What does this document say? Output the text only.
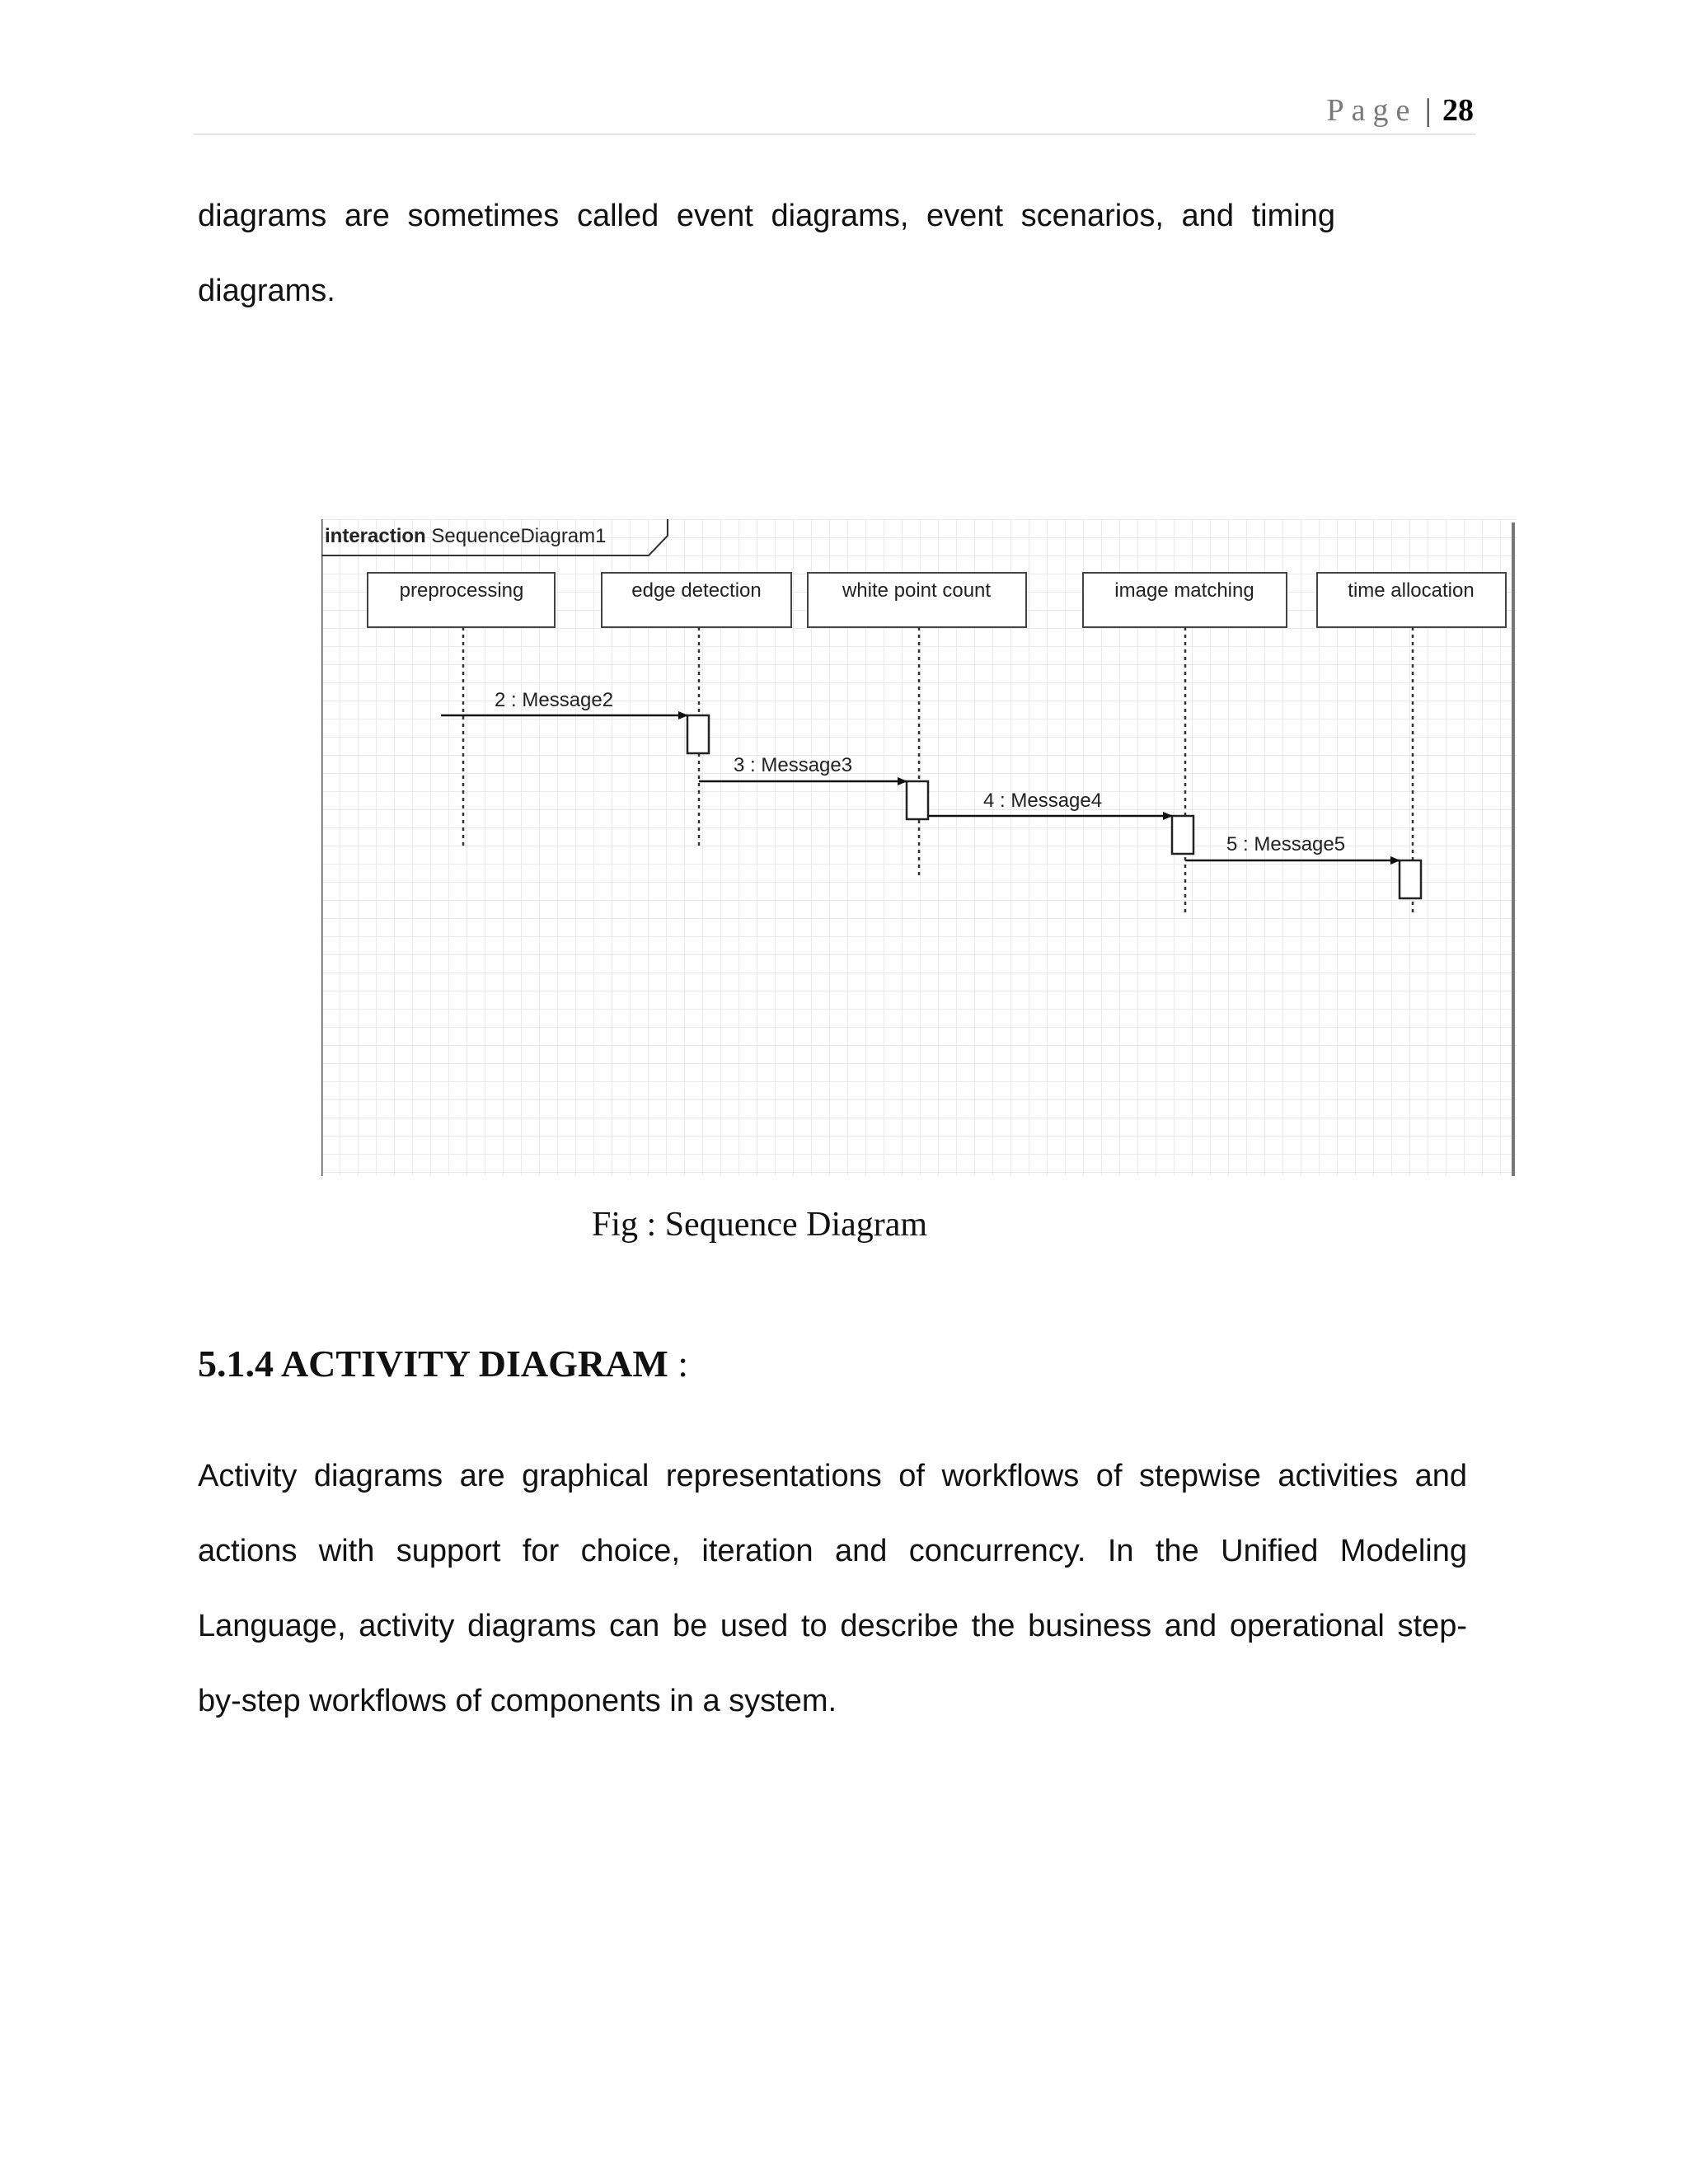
Page | 28

diagrams are sometimes called event diagrams, event scenarios, and timing
diagrams.

interaction SequenceDiagram1
preprocessing	edge detection	white point count	image matching	time allocation
2 : Message2
3 : Message3
4 : Message4
5 : Message5
Fig : Sequence Diagram
5.1.4 ACTIVITY DIAGRAM :

Activity diagrams are graphical representations of workflows of stepwise activities and
actions with support for choice, iteration and concurrency. In the Unified Modeling
Language, activity diagrams can be used to describe the business and operational step-
by-step workflows of components in a system.
